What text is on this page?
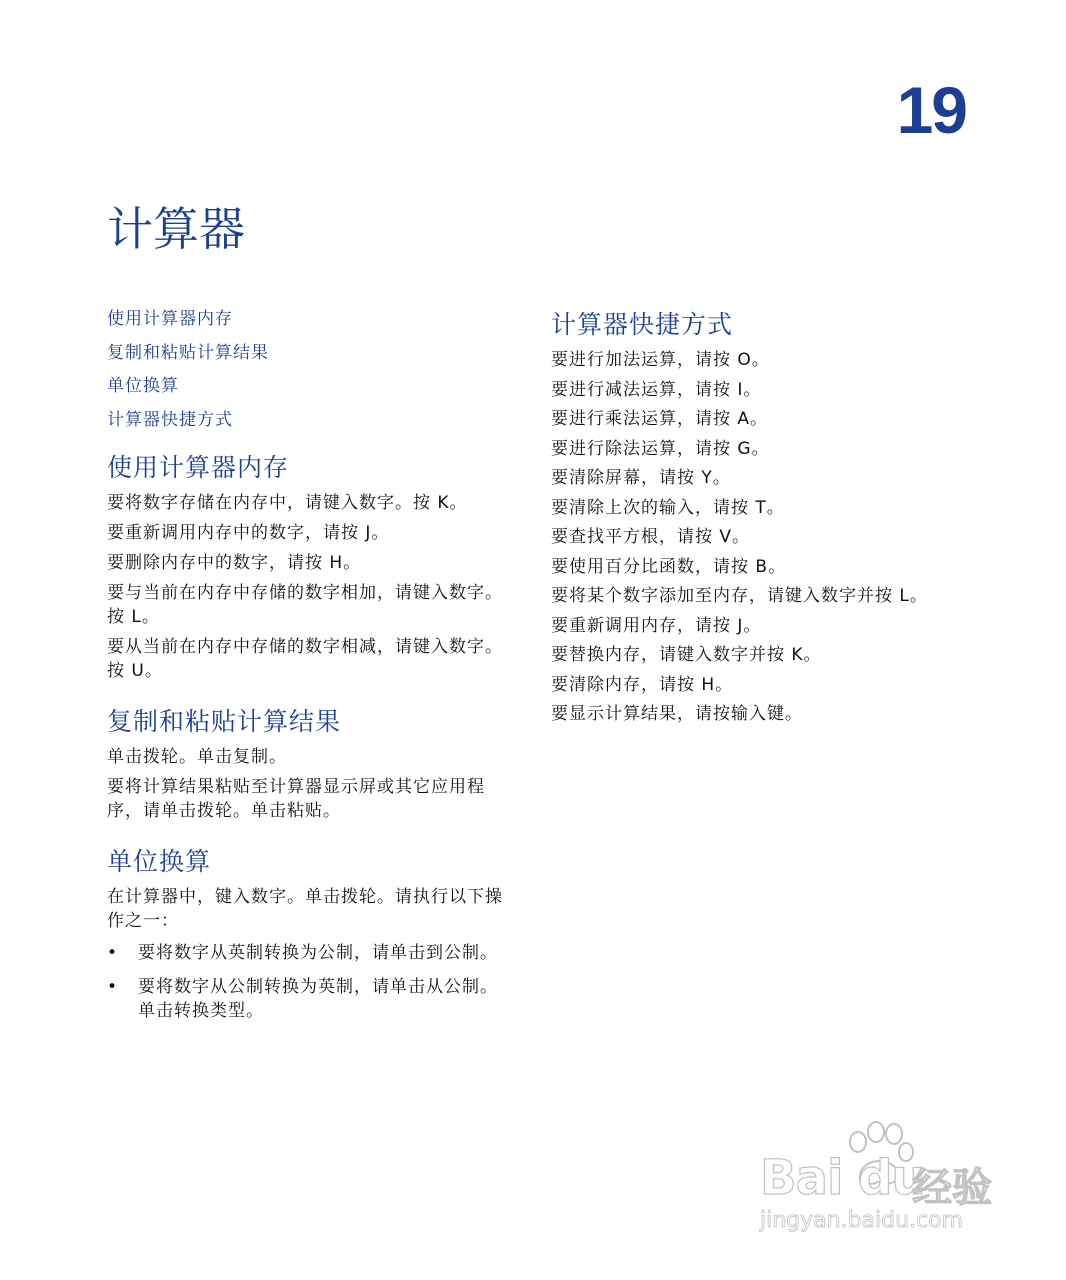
19
计算器
使用计算器内存
复制和粘贴计算结果
单位换算
计算器快捷方式
使用计算器内存

要将数字存储在内存中，请键入数字。按 K。

要重新调用内存中的数字，请按 J。

要删除内存中的数字，请按 H。

要与当前在内存中存储的数字相加，请键入数字。按 L。

要从当前在内存中存储的数字相减，请键入数字。按 U。

复制和粘贴计算结果

单击拨轮。单击复制。

要将计算结果粘贴至计算器显示屏或其它应用程序，请单击拨轮。单击粘贴。

单位换算

在计算器中，键入数字。单击拨轮。请执行以下操作之一：

• 要将数字从英制转换为公制，请单击到公制。
• 要将数字从公制转换为英制，请单击从公制。单击转换类型。
计算器快捷方式

要进行加法运算，请按 O。

要进行减法运算，请按 I。

要进行乘法运算，请按 A。

要进行除法运算，请按 G。

要清除屏幕，请按 Y。

要清除上次的输入，请按 T。

要查找平方根，请按 V。

要使用百分比函数，请按 B。

要将某个数字添加至内存，请键入数字并按 L。

要重新调用内存，请按 J。

要替换内存，请键入数字并按 K。

要清除内存，请按 H。

要显示计算结果，请按输入键。

Bai du
经验
jingyan.baidu.com
